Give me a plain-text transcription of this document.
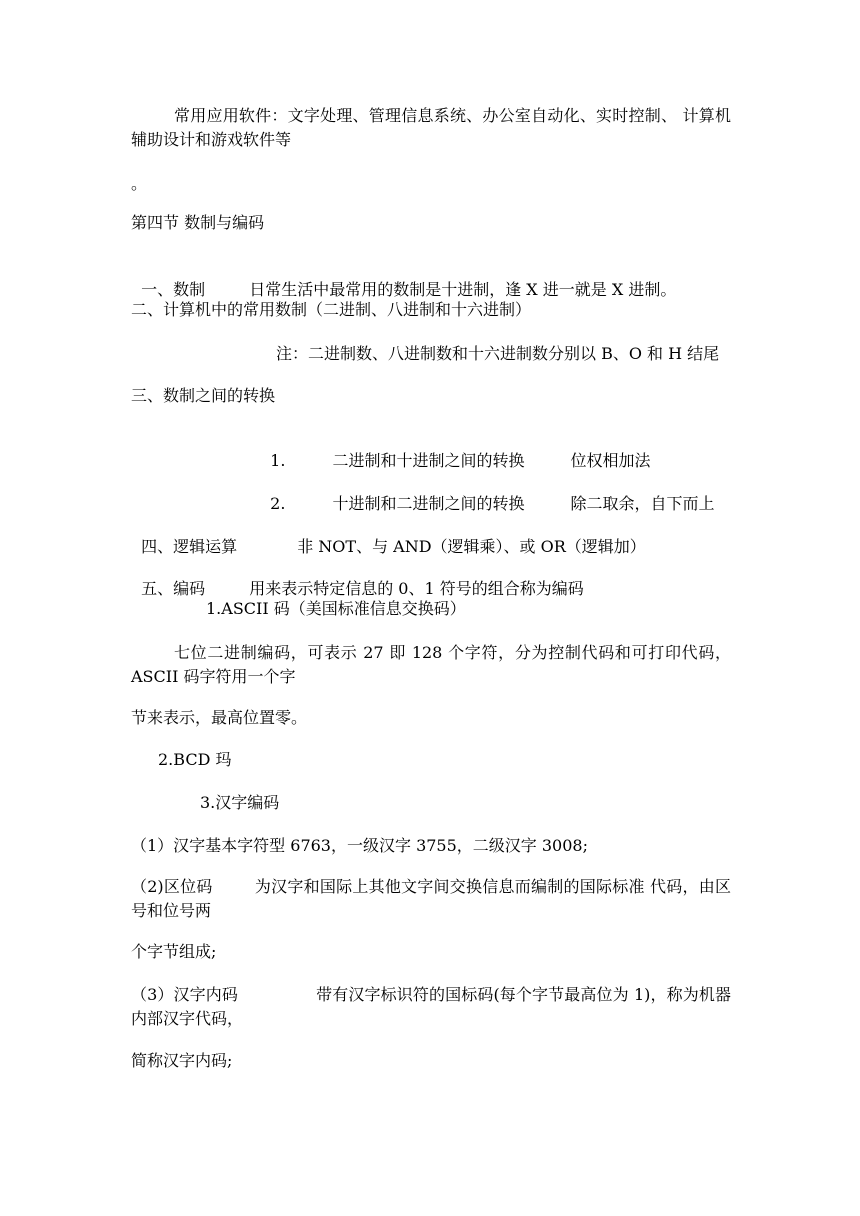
常用应用软件：文字处理、管理信息系统、办公室自动化、实时控制、 计算机辅助设计和游戏软件等
。
第四节 数制与编码

一、数制	日常生活中最常用的数制是十进制，逢 X 进一就是 X 进制。

二、计算机中的常用数制（二进制、八进制和十六进制）
注：二进制数、八进制数和十六进制数分别以 B、O 和 H 结尾
三、数制之间的转换

1.	二进制和十进制之间的转换	位权相加法

2.	十进制和二进制之间的转换	除二取余，自下而上

四、逻辑运算	非 NOT、与 AND（逻辑乘）、或 OR（逻辑加）

五、编码	用来表示特定信息的 0、1 符号的组合称为编码

1.ASCII 码（美国标准信息交换码）
七位二进制编码，可表示 27 即 128 个字符，分为控制代码和可打印代码，ASCII 码字符用一个字
节来表示，最高位置零。
2.BCD 玛
3.汉字编码
（1）汉字基本字符型 6763，一级汉字 3755，二级汉字 3008;
（2)区位码	为汉字和国际上其他文字间交换信息而编制的国际标准 代码，由区号和位号两
个字节组成;
（3）汉字内码	带有汉字标识符的国标码(每个字节最高位为 1)，称为机器内部汉字代码，
简称汉字内码;
